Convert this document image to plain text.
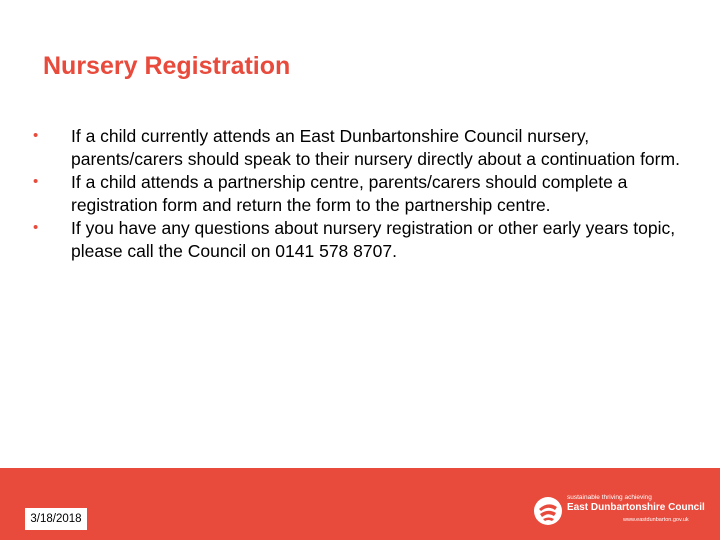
Nursery Registration
• If a child currently attends an East Dunbartonshire Council nursery, parents/carers should speak to their nursery directly about a continuation form.
• If a child attends a partnership centre, parents/carers should complete a registration form and return the form to the partnership centre.
• If you have any questions about nursery registration or other early years topic, please call the Council on 0141 578 8707.
3/18/2018
sustainable thriving achieving
East Dunbartonshire Council
www.eastdunbarton.gov.uk
